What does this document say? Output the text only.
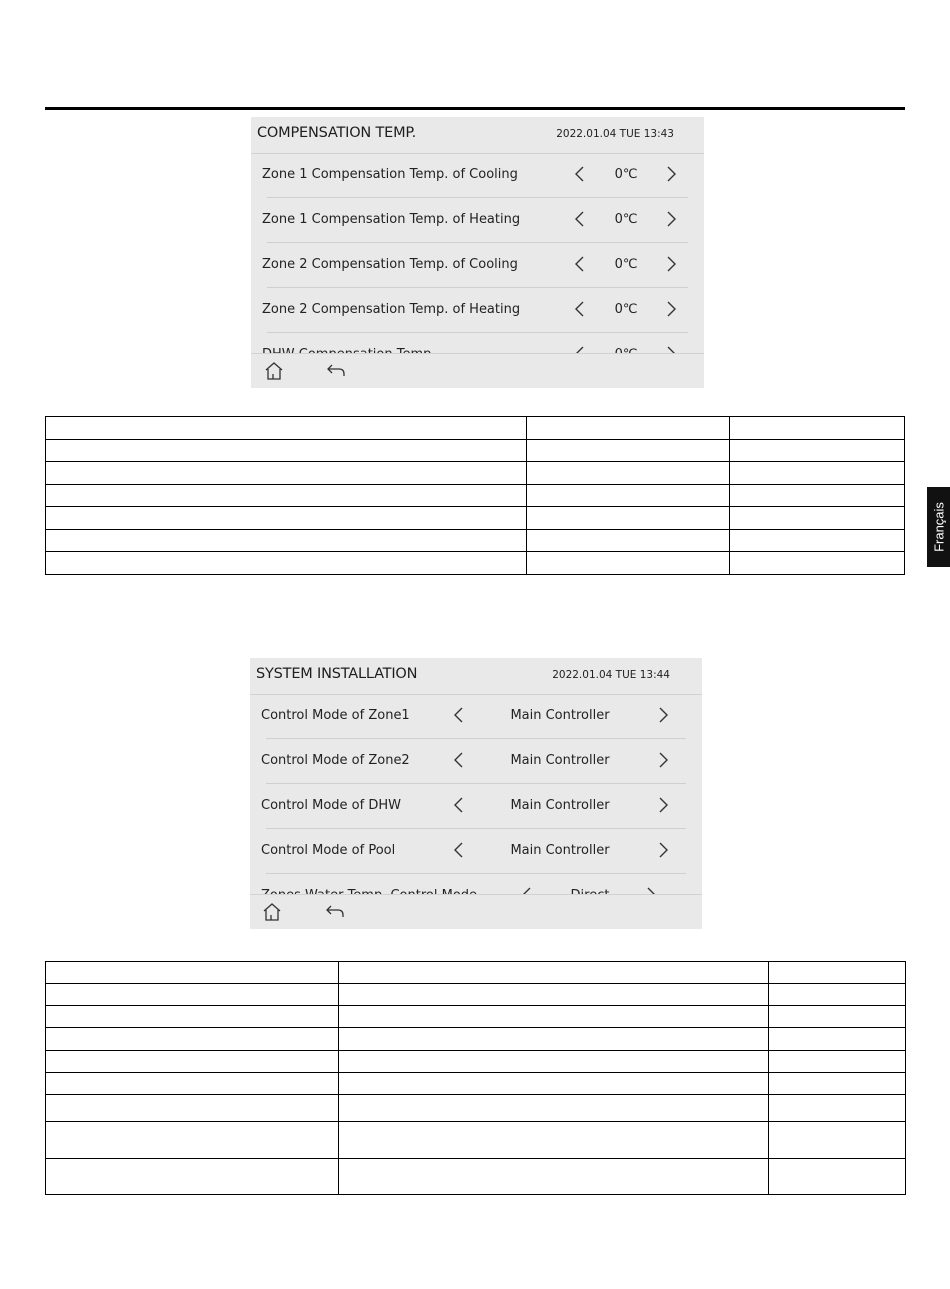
COMPENSATION TEMP.	2022.01.04 TUE 13:43
Zone 1 Compensation Temp. of Cooling	0℃
Zone 1 Compensation Temp. of Heating	0℃
Zone 2 Compensation Temp. of Cooling	0℃
Zone 2 Compensation Temp. of Heating	0℃

Français
SYSTEM INSTALLATION	2022.01.04 TUE 13:44
Control Mode of Zone1	Main Controller
Control Mode of Zone2	Main Controller
Control Mode of DHW	Main Controller
Control Mode of Pool	Main Controller
